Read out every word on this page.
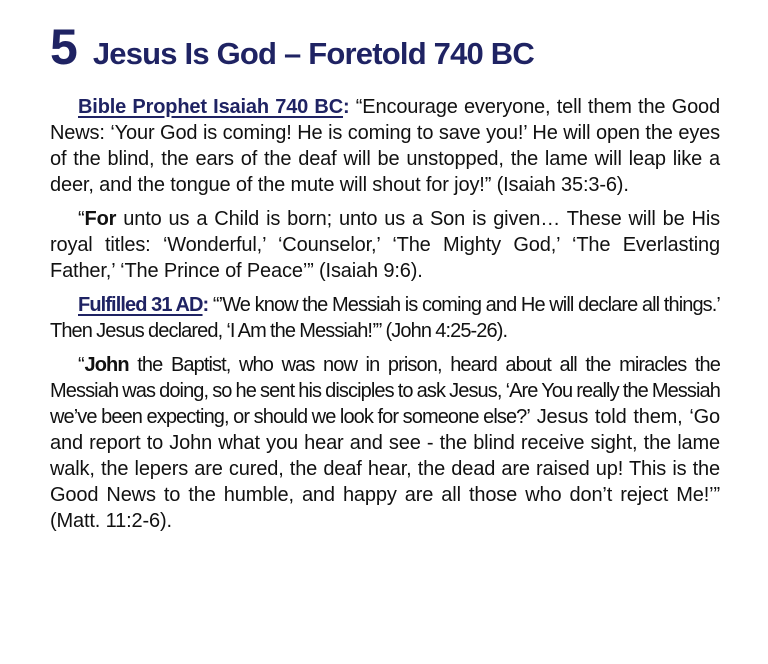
5 Jesus Is God – Foretold 740 BC

Bible Prophet Isaiah 740 BC: “Encourage everyone, tell them the Good News: ‘Your God is coming! He is coming to save you!’ He will open the eyes of the blind, the ears of the deaf will be unstopped, the lame will leap like a deer, and the tongue of the mute will shout for joy!” (Isaiah 35:3-6).

“For unto us a Child is born; unto us a Son is given… These will be His royal titles: ‘Wonderful,’ ‘Counselor,’ ‘The Mighty God,’ ‘The Everlasting Father,’ ‘The Prince of Peace’” (Isaiah 9:6).

Fulfilled 31 AD: “’We know the Messiah is coming and He will declare all things.’ Then Jesus declared, ‘I Am the Messiah!’” (John 4:25-26).

“John the Baptist, who was now in prison, heard about all the miracles the Messiah was doing, so he sent his disciples to ask Jesus, ‘Are You really the Messiah we’ve been expecting, or should we look for someone else?’ Jesus told them, ‘Go and report to John what you hear and see - the blind receive sight, the lame walk, the lepers are cured, the deaf hear, the dead are raised up! This is the Good News to the humble, and happy are all those who don’t reject Me!’” (Matt. 11:2-6).
